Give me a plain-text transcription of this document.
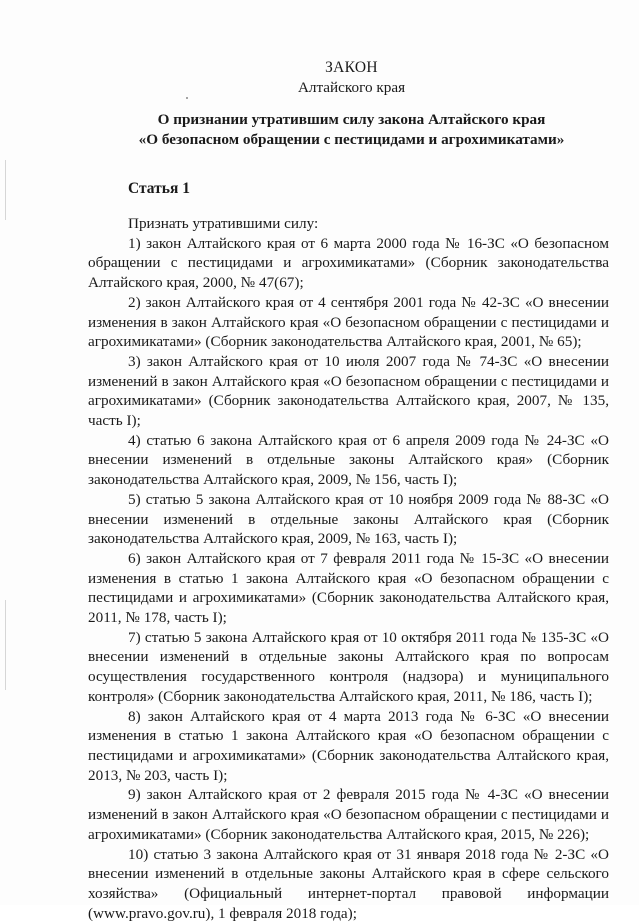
ЗАКОН
Алтайского края
О признании утратившим силу закона Алтайского края
«О безопасном обращении с пестицидами и агрохимикатами»
Статья 1

Признать утратившими силу:

1) закон Алтайского края от 6 марта 2000 года № 16-ЗС «О безопасном обращении с пестицидами и агрохимикатами» (Сборник законодательства Алтайского края, 2000, № 47(67);

2) закон Алтайского края от 4 сентября 2001 года № 42-ЗС «О внесении изменения в закон Алтайского края «О безопасном обращении с пестицидами и агрохимикатами» (Сборник законодательства Алтайского края, 2001, № 65);

3) закон Алтайского края от 10 июля 2007 года № 74-ЗС «О внесении изменений в закон Алтайского края «О безопасном обращении с пестицидами и агрохимикатами» (Сборник законодательства Алтайского края, 2007, № 135, часть I);

4) статью 6 закона Алтайского края от 6 апреля 2009 года № 24-ЗС «О внесении изменений в отдельные законы Алтайского края» (Сборник законодательства Алтайского края, 2009, № 156, часть I);

5) статью 5 закона Алтайского края от 10 ноября 2009 года № 88-ЗС «О внесении изменений в отдельные законы Алтайского края (Сборник законодательства Алтайского края, 2009, № 163, часть I);

6) закон Алтайского края от 7 февраля 2011 года № 15-ЗС «О внесении изменения в статью 1 закона Алтайского края «О безопасном обращении с пестицидами и агрохимикатами» (Сборник законодательства Алтайского края, 2011, № 178, часть I);

7) статью 5 закона Алтайского края от 10 октября 2011 года № 135-ЗС «О внесении изменений в отдельные законы Алтайского края по вопросам осуществления государственного контроля (надзора) и муниципального контроля» (Сборник законодательства Алтайского края, 2011, № 186, часть I);

8) закон Алтайского края от 4 марта 2013 года № 6-ЗС «О внесении изменения в статью 1 закона Алтайского края «О безопасном обращении с пестицидами и агрохимикатами» (Сборник законодательства Алтайского края, 2013, № 203, часть I);

9) закон Алтайского края от 2 февраля 2015 года № 4-ЗС «О внесении изменений в закон Алтайского края «О безопасном обращении с пестицидами и агрохимикатами» (Сборник законодательства Алтайского края, 2015, № 226);

10) статью 3 закона Алтайского края от 31 января 2018 года № 2-ЗС «О внесении изменений в отдельные законы Алтайского края в сфере сельского хозяйства» (Официальный интернет-портал правовой информации (www.pravo.gov.ru), 1 февраля 2018 года);
